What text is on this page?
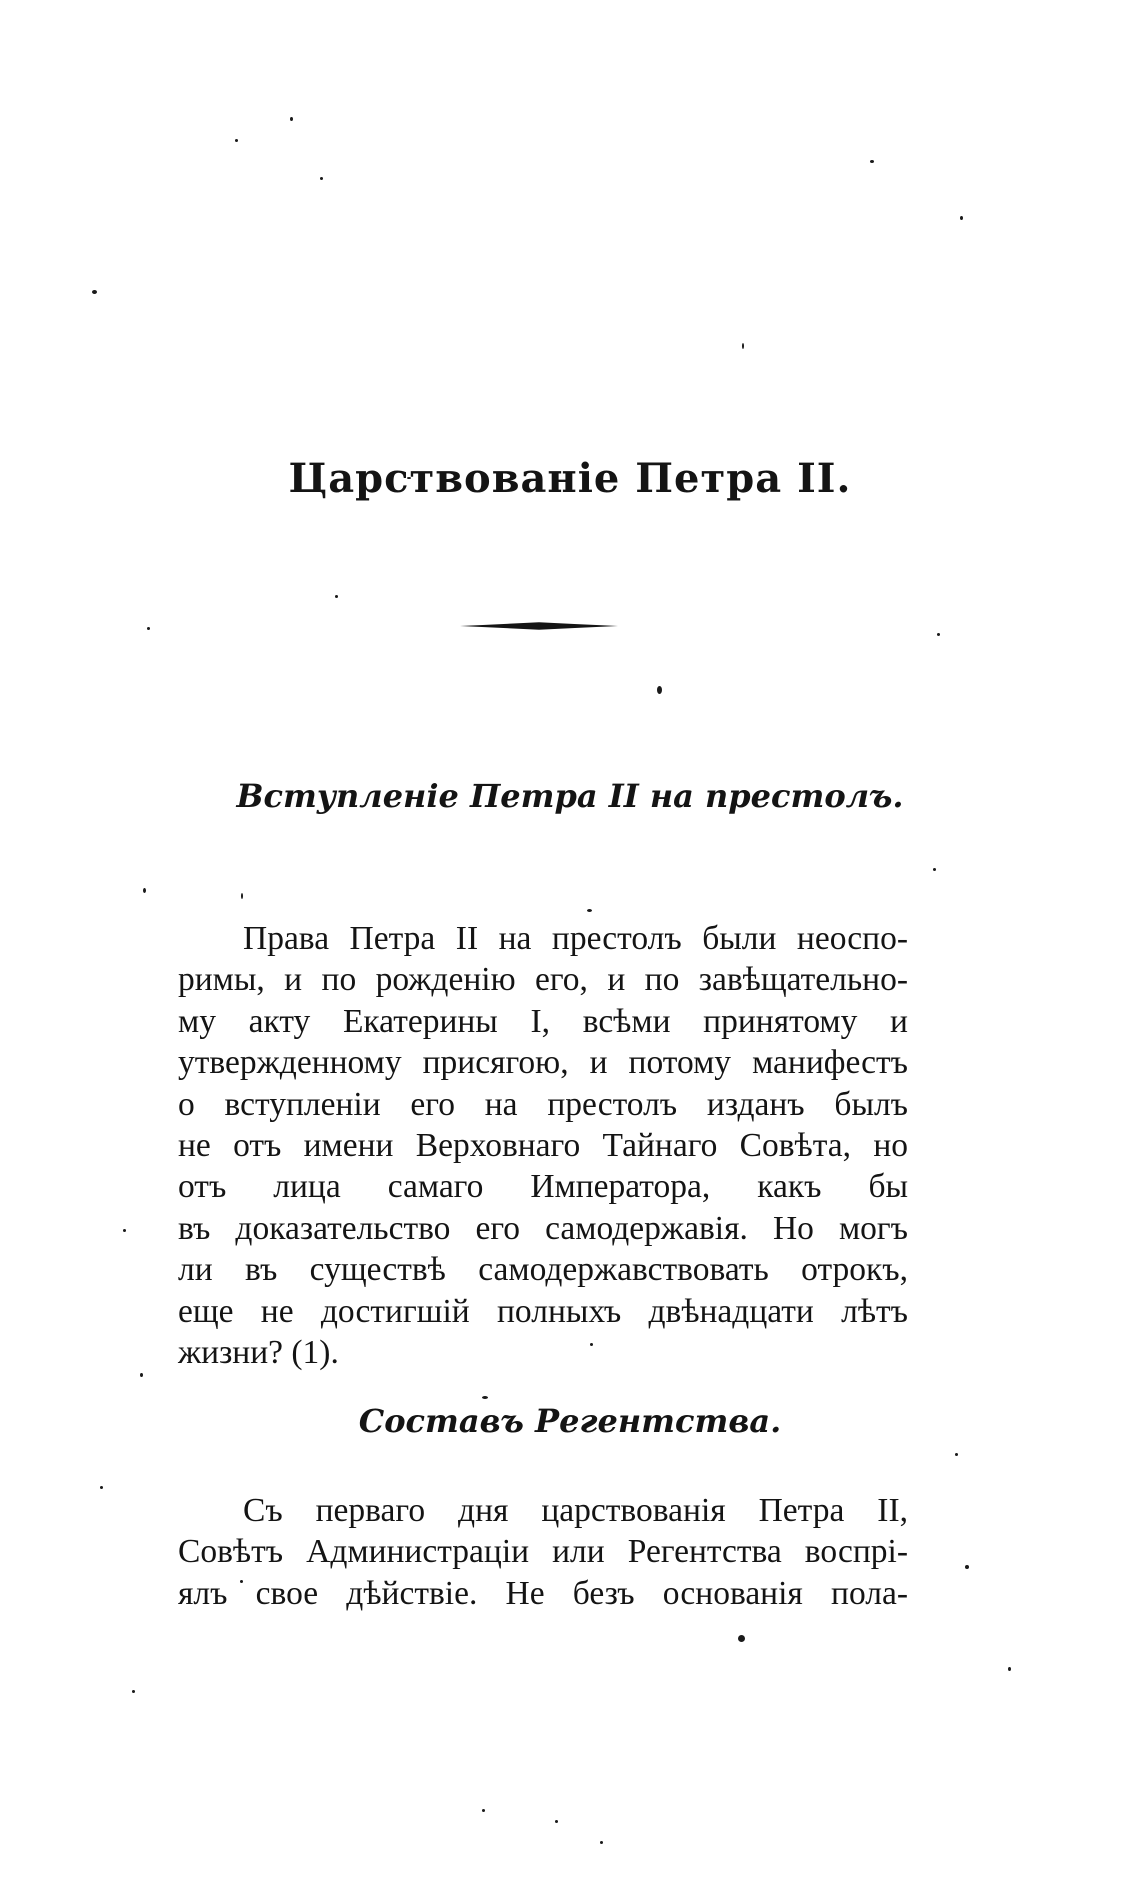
Царствованіе Петра II.
Вступленіе Петра II на престолъ.
Права Петра II на престолъ были неоспо-
римы, и по рожденію его, и по завѣщательно-
му акту Екатерины I, всѣми принятому и
утвержденному присягою, и потому манифестъ
о вступленіи его на престолъ изданъ былъ
не отъ имени Верховнаго Тайнаго Совѣта, но
отъ лица самаго Императора, какъ бы
въ доказательство его самодержавія. Но могъ
ли въ существѣ самодержавствовать отрокъ,
еще не достигшій полныхъ двѣнадцати лѣтъ
жизни? (1).
Составъ Регентства.
Съ перваго дня царствованія Петра II,
Совѣтъ Администраціи или Регентства воспрі-
ялъ свое дѣйствіе. Не безъ основанія пола-
